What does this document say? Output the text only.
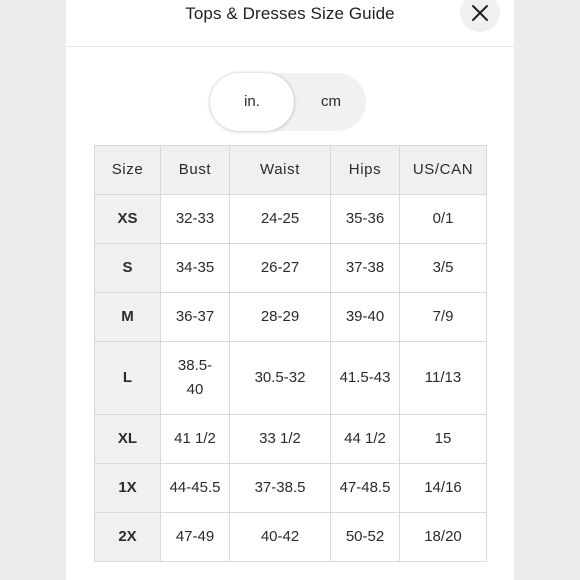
Tops & Dresses Size Guide
cm
in.
Size	Bust	Waist	Hips	US/CAN
XS	32-33	24-25	35-36	0/1
S	34-35	26-27	37-38	3/5
M	36-37	28-29	39-40	7/9
L	38.5-40	30.5-32	41.5-43	11/13
XL	41 1/2	33 1/2	44 1/2	15
1X	44-45.5	37-38.5	47-48.5	14/16
2X	47-49	40-42	50-52	18/20
